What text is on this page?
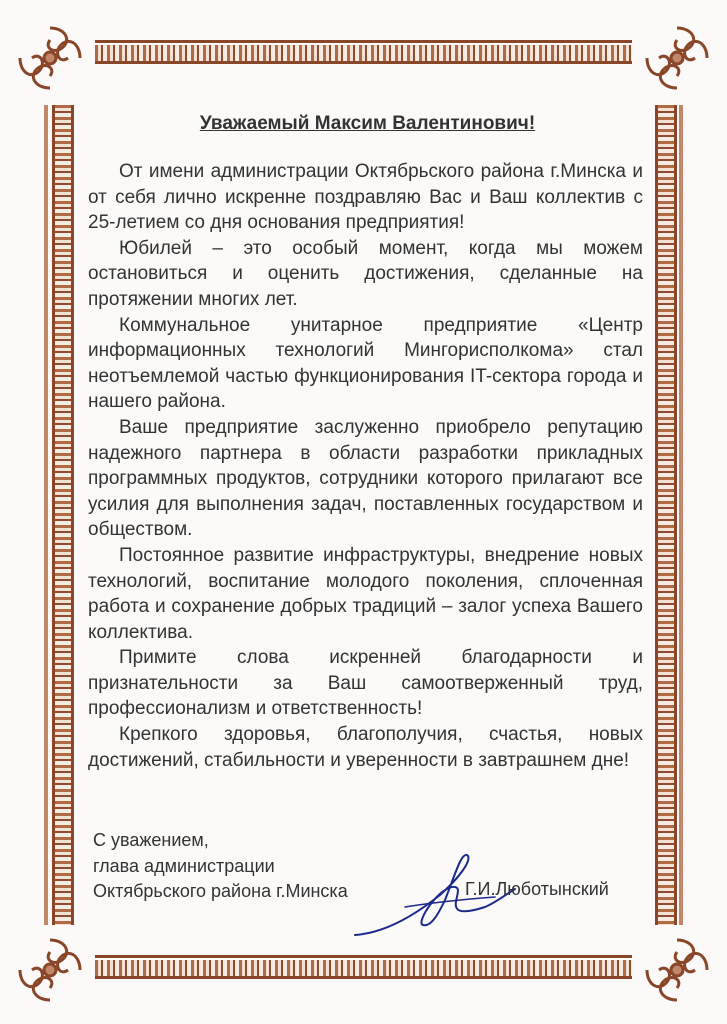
Уважаемый Максим Валентинович!

От имени администрации Октябрьского района г.Минска и от себя лично искренне поздравляю Вас и Ваш коллектив с 25-летием со дня основания предприятия!

Юбилей – это особый момент, когда мы можем остановиться и оценить достижения, сделанные на протяжении многих лет.

Коммунальное унитарное предприятие «Центр информационных технологий Мингорисполкома» стал неотъемлемой частью функционирования IT-сектора города и нашего района.

Ваше предприятие заслуженно приобрело репутацию надежного партнера в области разработки прикладных программных продуктов, сотрудники которого прилагают все усилия для выполнения задач, поставленных государством и обществом.

Постоянное развитие инфраструктуры, внедрение новых технологий, воспитание молодого поколения, сплоченная работа и сохранение добрых традиций – залог успеха Вашего коллектива.

Примите слова искренней благодарности и признательности за Ваш самоотверженный труд, профессионализм и ответственность!

Крепкого здоровья, благополучия, счастья, новых достижений, стабильности и уверенности в завтрашнем дне!

С уважением,
глава администрации
Октябрьского района г.Минска	Г.И.Люботынский
